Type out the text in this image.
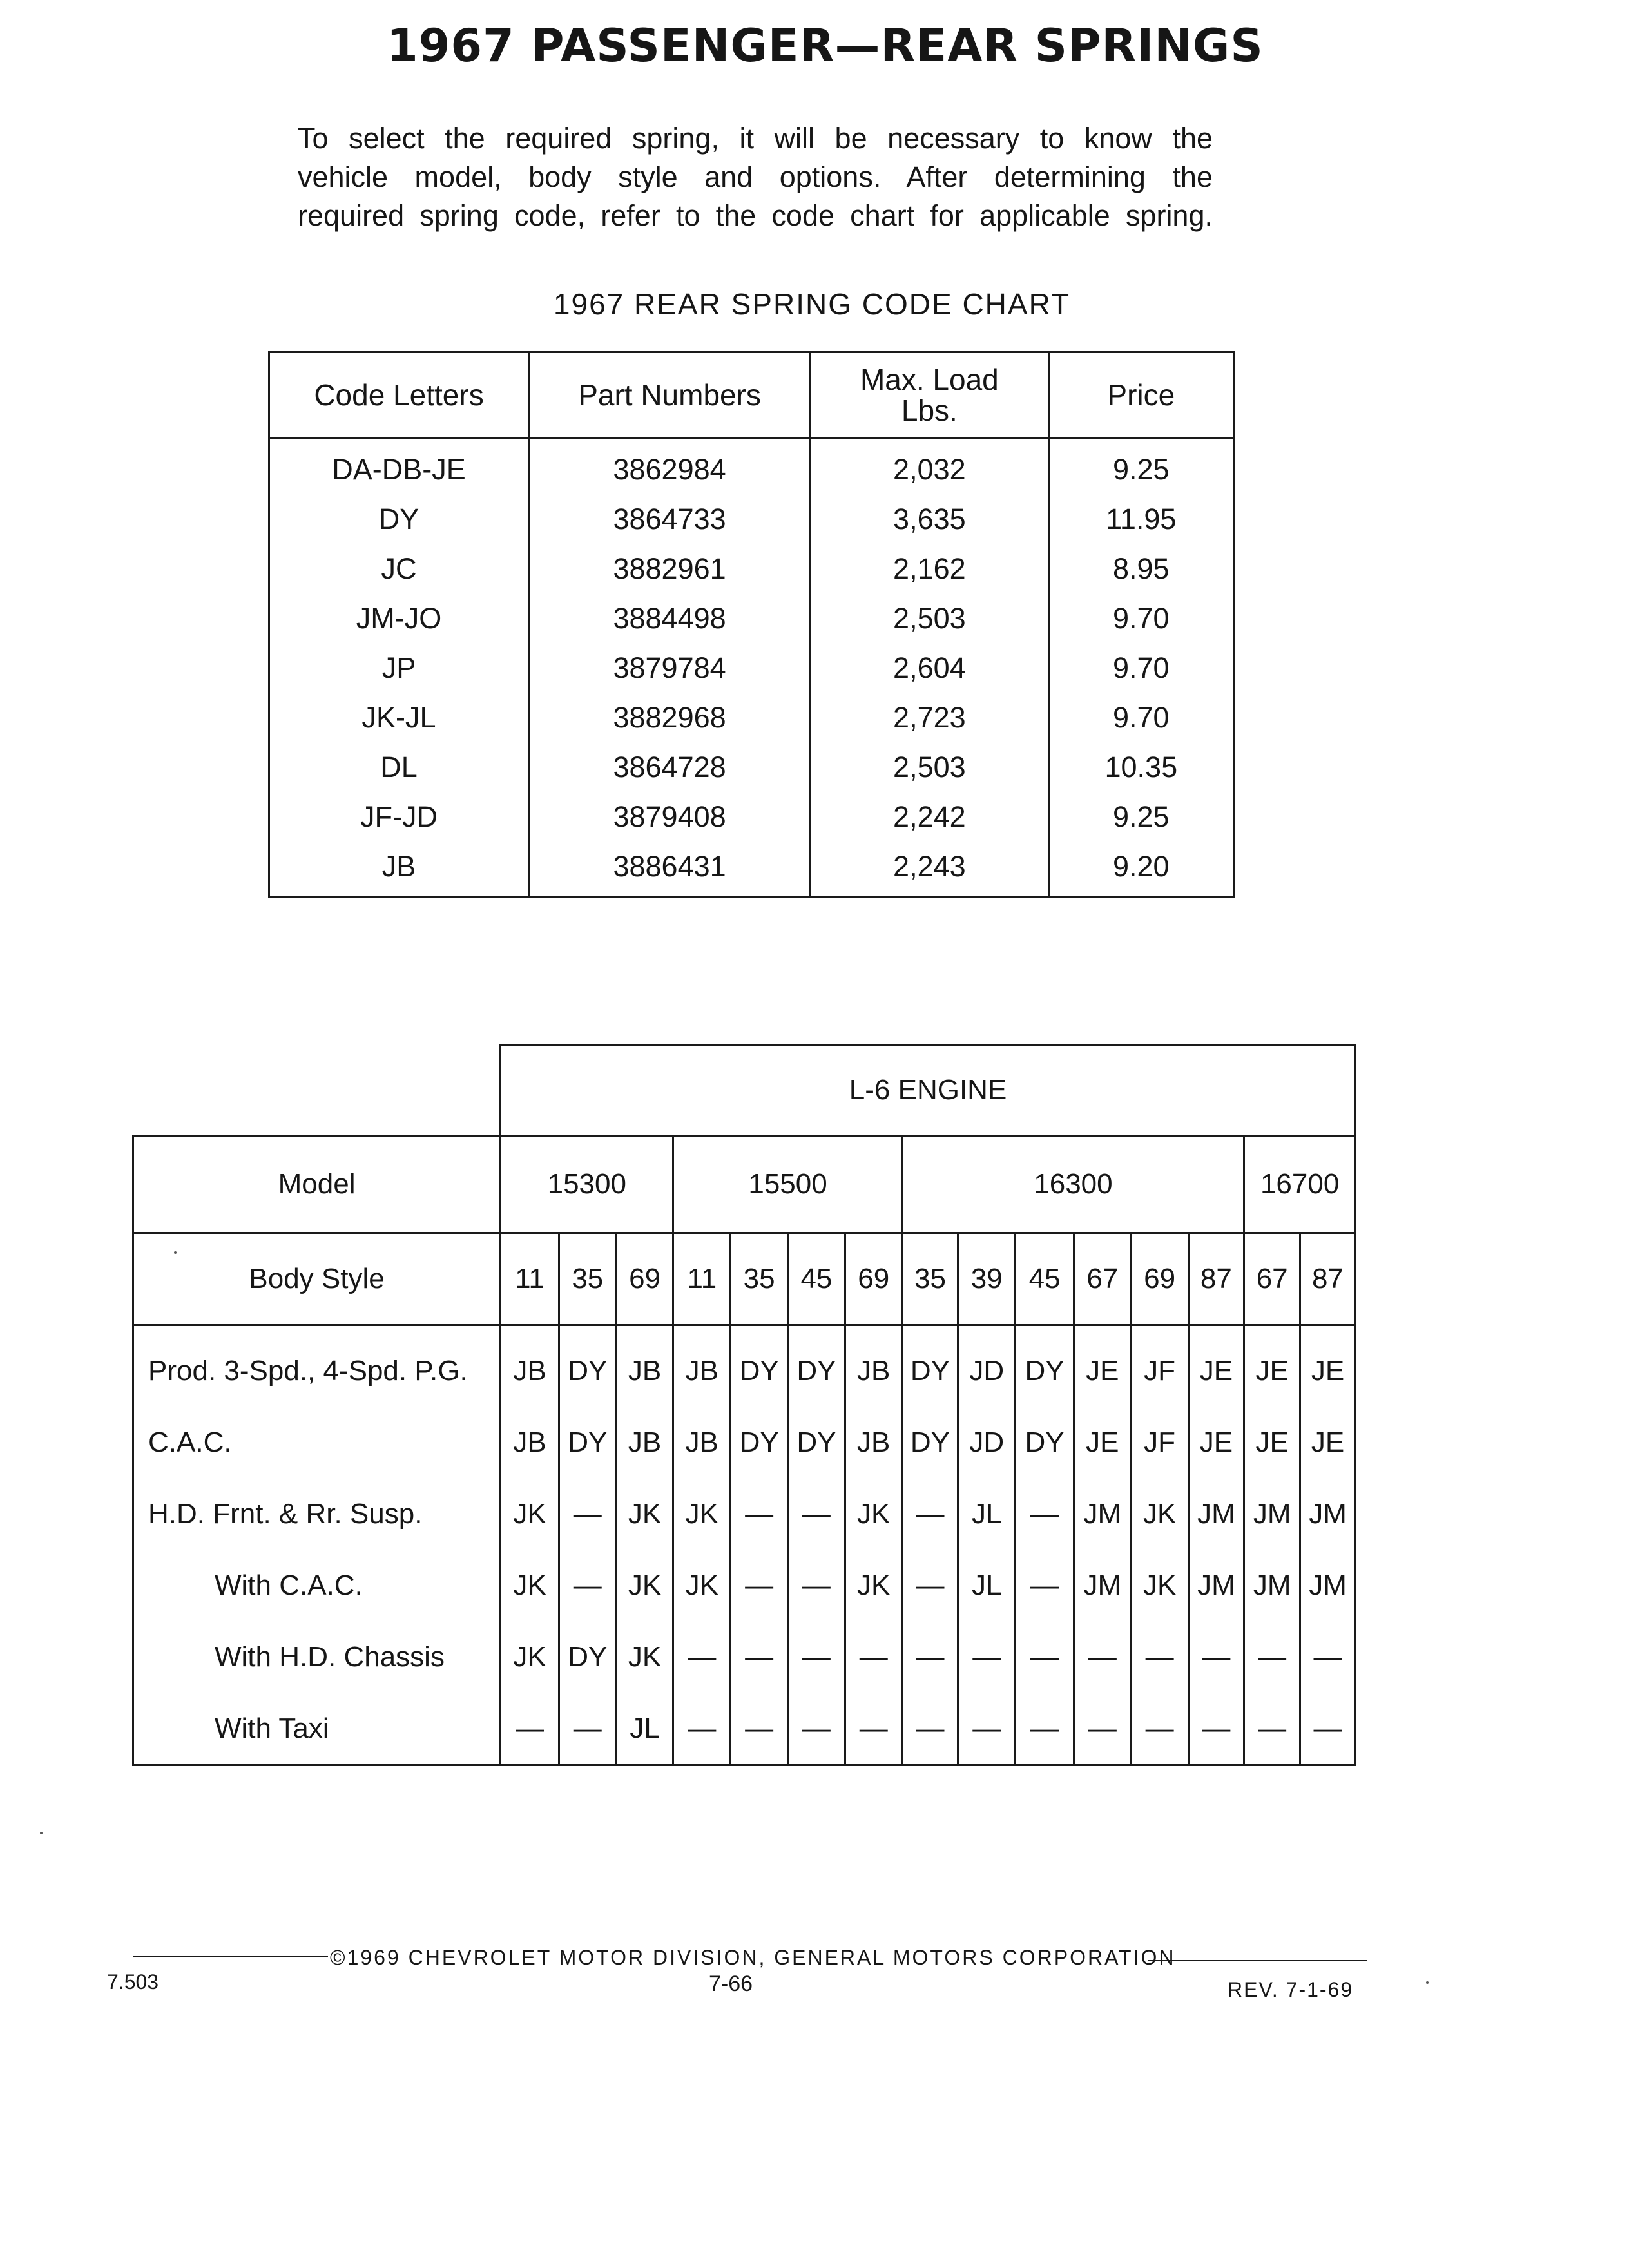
1967 PASSENGER—REAR SPRINGS

To select the required spring, it will be necessary to know the

vehicle model, body style and options. After determining the

required spring code, refer to the code chart for applicable spring.

1967 REAR SPRING CODE CHART
Code Letters	Part Numbers	Max. Load Lbs.	Price
DA-DB-JE	3862984	2,032	9.25
DY	3864733	3,635	11.95
JC	3882961	2,162	8.95
JM-JO	3884498	2,503	9.70
JP	3879784	2,604	9.70
JK-JL	3882968	2,723	9.70
DL	3864728	2,503	10.35
JF-JD	3879408	2,242	9.25
JB	3886431	2,243	9.20
	L-6 ENGINE														
Model	15300			15500				16300						16700	
Body Style	11	35	69	11	35	45	69	35	39	45	67	69	87	67	87
Prod. 3-Spd., 4-Spd. P.G.	JB	DY	JB	JB	DY	DY	JB	DY	JD	DY	JE	JF	JE	JE	JE
C.A.C.	JB	DY	JB	JB	DY	DY	JB	DY	JD	DY	JE	JF	JE	JE	JE
H.D. Frnt. & Rr. Susp.	JK	—	JK	JK	—	—	JK	—	JL	—	JM	JK	JM	JM	JM
With C.A.C.	JK	—	JK	JK	—	—	JK	—	JL	—	JM	JK	JM	JM	JM
With H.D. Chassis	JK	DY	JK	—	—	—	—	—	—	—	—	—	—	—	—
With Taxi	—	—	JL	—	—	—	—	—	—	—	—	—	—	—	—
©1969 CHEVROLET MOTOR DIVISION, GENERAL MOTORS CORPORATION
7.503	7-66	REV. 7-1-69
